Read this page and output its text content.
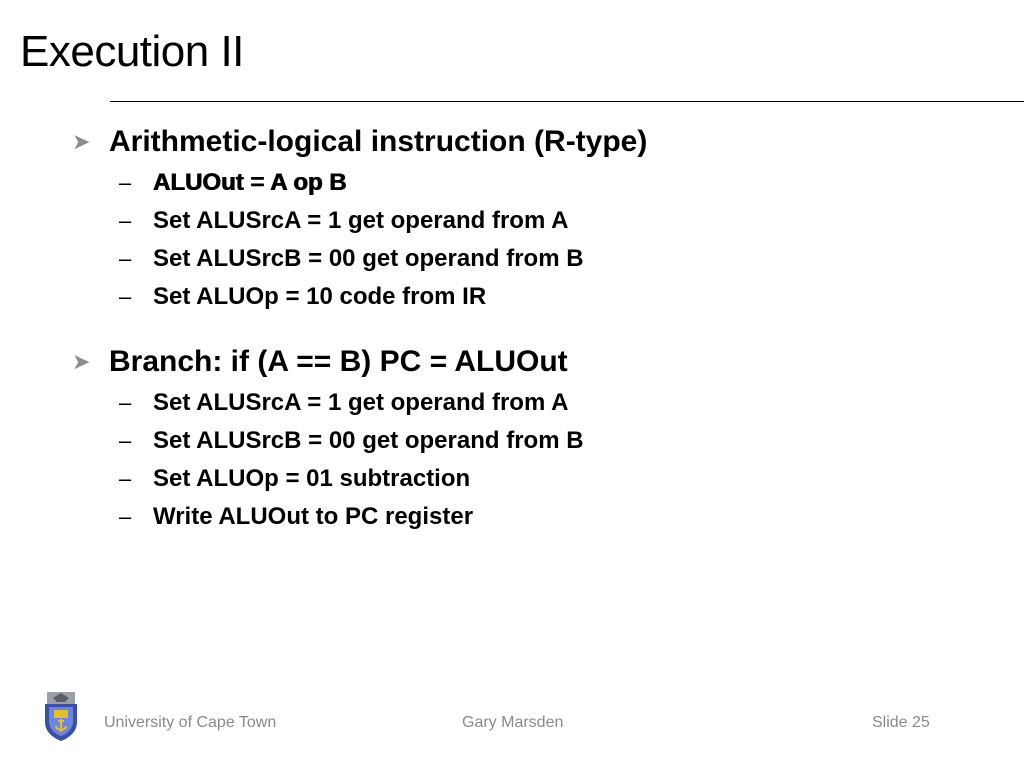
Execution II
➤ Arithmetic-logical instruction (R-type)
– ALUOut = A op B
– Set ALUSrcA = 1 get operand from A
– Set ALUSrcB = 00 get operand from B
– Set ALUOp = 10 code from IR
➤ Branch: if (A == B) PC = ALUOut
– Set ALUSrcA = 1 get operand from A
– Set ALUSrcB = 00 get operand from B
– Set ALUOp = 01 subtraction
– Write ALUOut to PC register
University of Cape Town	Gary Marsden	Slide 25
